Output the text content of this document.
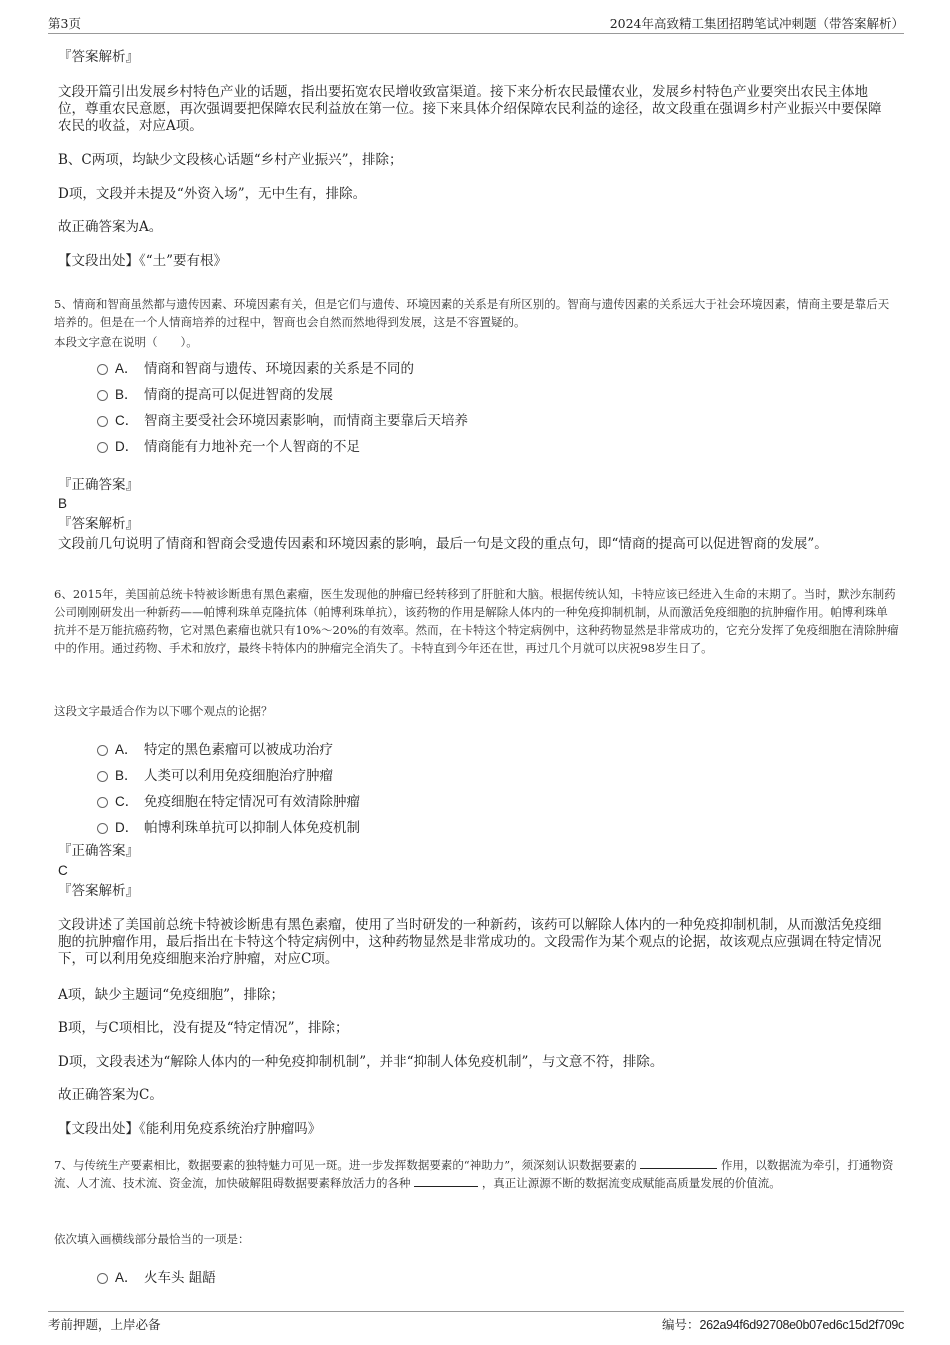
第3页	2024年高致精工集团招聘笔试冲刺题（带答案解析）

『答案解析』

文段开篇引出发展乡村特色产业的话题，指出要拓宽农民增收致富渠道。接下来分析农民最懂农业，发展乡村特色产业要突出农民主体地位，尊重农民意愿，再次强调要把保障农民利益放在第一位。接下来具体介绍保障农民利益的途径，故文段重在强调乡村产业振兴中要保障农民的收益，对应A项。

B、C两项，均缺少文段核心话题“乡村产业振兴”，排除；

D项，文段并未提及“外资入场”，无中生有，排除。

故正确答案为A。

【文段出处】《“土”要有根》

5、情商和智商虽然都与遗传因素、环境因素有关，但是它们与遗传、环境因素的关系是有所区别的。智商与遗传因素的关系远大于社会环境因素，情商主要是靠后天培养的。但是在一个人情商培养的过程中，智商也会自然而然地得到发展，这是不容置疑的。

本段文字意在说明（　　）。

A． 情商和智商与遗传、环境因素的关系是不同的
B． 情商的提高可以促进智商的发展
C． 智商主要受社会环境因素影响，而情商主要靠后天培养
D． 情商能有力地补充一个人智商的不足

『正确答案』

B

『答案解析』

文段前几句说明了情商和智商会受遗传因素和环境因素的影响，最后一句是文段的重点句，即“情商的提高可以促进智商的发展”。

6、2015年，美国前总统卡特被诊断患有黑色素瘤，医生发现他的肿瘤已经转移到了肝脏和大脑。根据传统认知，卡特应该已经进入生命的末期了。当时，默沙东制药公司刚刚研发出一种新药——帕博利珠单克隆抗体（帕博利珠单抗），该药物的作用是解除人体内的一种免疫抑制机制，从而激活免疫细胞的抗肿瘤作用。帕博利珠单抗并不是万能抗癌药物，它对黑色素瘤也就只有10%～20%的有效率。然而，在卡特这个特定病例中，这种药物显然是非常成功的，它充分发挥了免疫细胞在清除肿瘤中的作用。通过药物、手术和放疗，最终卡特体内的肿瘤完全消失了。卡特直到今年还在世，再过几个月就可以庆祝98岁生日了。

这段文字最适合作为以下哪个观点的论据？

A． 特定的黑色素瘤可以被成功治疗
B． 人类可以利用免疫细胞治疗肿瘤
C． 免疫细胞在特定情况可有效清除肿瘤
D． 帕博利珠单抗可以抑制人体免疫机制

『正确答案』

C

『答案解析』

文段讲述了美国前总统卡特被诊断患有黑色素瘤，使用了当时研发的一种新药，该药可以解除人体内的一种免疫抑制机制，从而激活免疫细胞的抗肿瘤作用，最后指出在卡特这个特定病例中，这种药物显然是非常成功的。文段需作为某个观点的论据，故该观点应强调在特定情况下，可以利用免疫细胞来治疗肿瘤，对应C项。

A项，缺少主题词“免疫细胞”，排除；

B项，与C项相比，没有提及“特定情况”，排除；

D项，文段表述为“解除人体内的一种免疫抑制机制”，并非“抑制人体免疫机制”，与文意不符，排除。

故正确答案为C。

【文段出处】《能利用免疫系统治疗肿瘤吗》

7、与传统生产要素相比，数据要素的独特魅力可见一斑。进一步发挥数据要素的“神助力”，须深刻认识数据要素的	作用，以数据流为牵引，打通物资流、人才流、技术流、资金流，加快破解阻碍数据要素释放活力的各种	，真正让源源不断的数据流变成赋能高质量发展的价值流。

依次填入画横线部分最恰当的一项是：

A． 火车头 龃龉
考前押题，上岸必备	编号：262a94f6d92708e0b07ed6c15d2f709c
